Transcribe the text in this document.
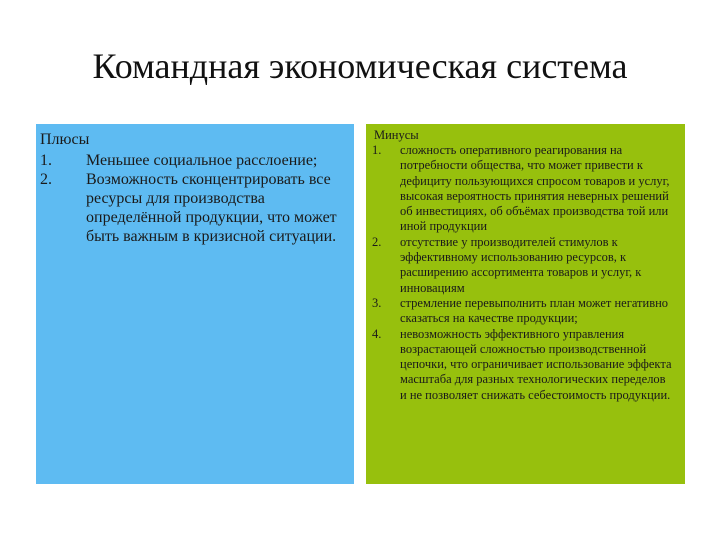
Командная экономическая система
Плюсы
1.	Меньшее социальное расслоение;
2.	Возможность сконцентрировать все ресурсы для производства определённой продукции, что может быть важным в кризисной ситуации.
Минусы
1.	сложность оперативного реагирования на потребности общества, что может привести к дефициту пользующихся спросом товаров и услуг, высокая вероятность принятия неверных решений об инвестициях, об объёмах производства той или иной продукции
2.	отсутствие у производителей стимулов к эффективному использованию ресурсов, к расширению ассортимента товаров и услуг, к инновациям
3.	стремление перевыполнить план может негативно сказаться на качестве продукции;
4.	невозможность эффективного управления возрастающей сложностью производственной цепочки, что ограничивает использование эффекта масштаба для разных технологических переделов и не позволяет снижать себестоимость продукции.
